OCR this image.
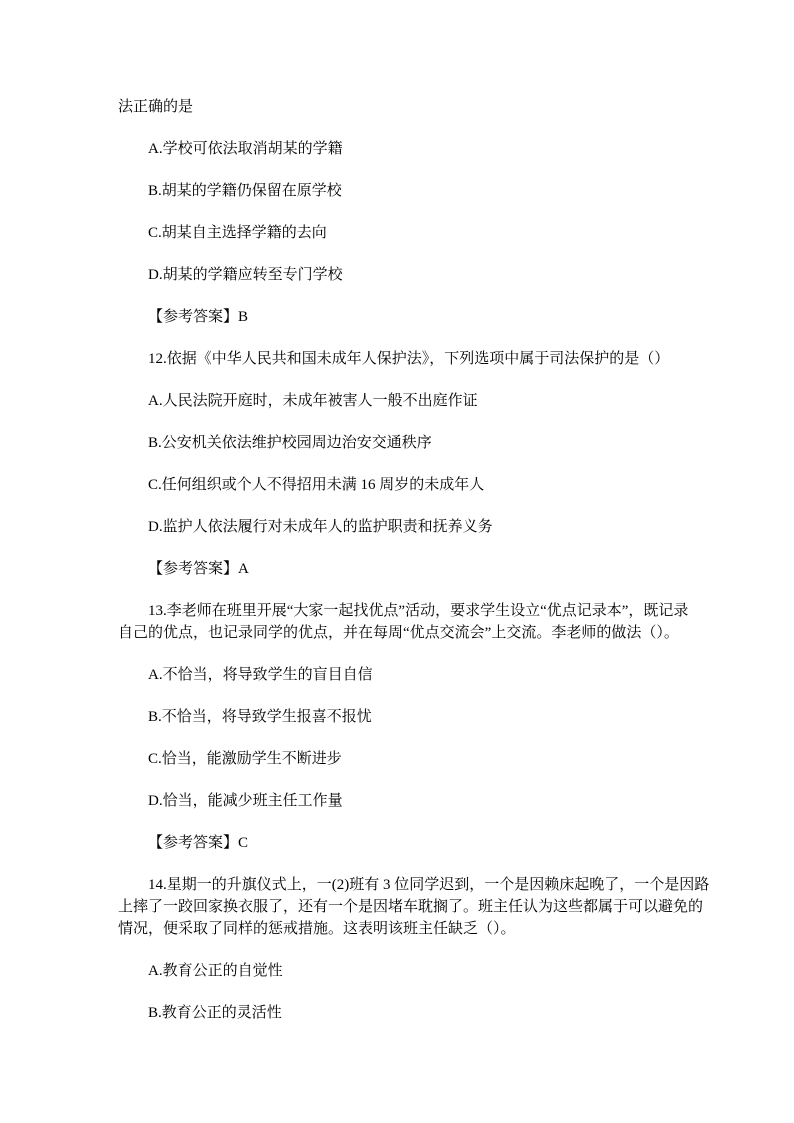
法正确的是

A.学校可依法取消胡某的学籍

B.胡某的学籍仍保留在原学校

C.胡某自主选择学籍的去向

D.胡某的学籍应转至专门学校

【参考答案】B

12.依据《中华人民共和国未成年人保护法》，下列选项中属于司法保护的是（）

A.人民法院开庭时，未成年被害人一般不出庭作证

B.公安机关依法维护校园周边治安交通秩序

C.任何组织或个人不得招用未满 16 周岁的未成年人

D.监护人依法履行对未成年人的监护职责和抚养义务

【参考答案】A

13.李老师在班里开展“大家一起找优点”活动，要求学生设立“优点记录本”，既记录

自己的优点，也记录同学的优点，并在每周“优点交流会”上交流。李老师的做法（）。

A.不恰当，将导致学生的盲目自信

B.不恰当，将导致学生报喜不报忧

C.恰当，能激励学生不断进步

D.恰当，能减少班主任工作量

【参考答案】C

14.星期一的升旗仪式上，一(2)班有 3 位同学迟到，一个是因赖床起晚了，一个是因路

上摔了一跤回家换衣服了，还有一个是因堵车耽搁了。班主任认为这些都属于可以避免的

情况，便采取了同样的惩戒措施。这表明该班主任缺乏（）。

A.教育公正的自觉性

B.教育公正的灵活性
